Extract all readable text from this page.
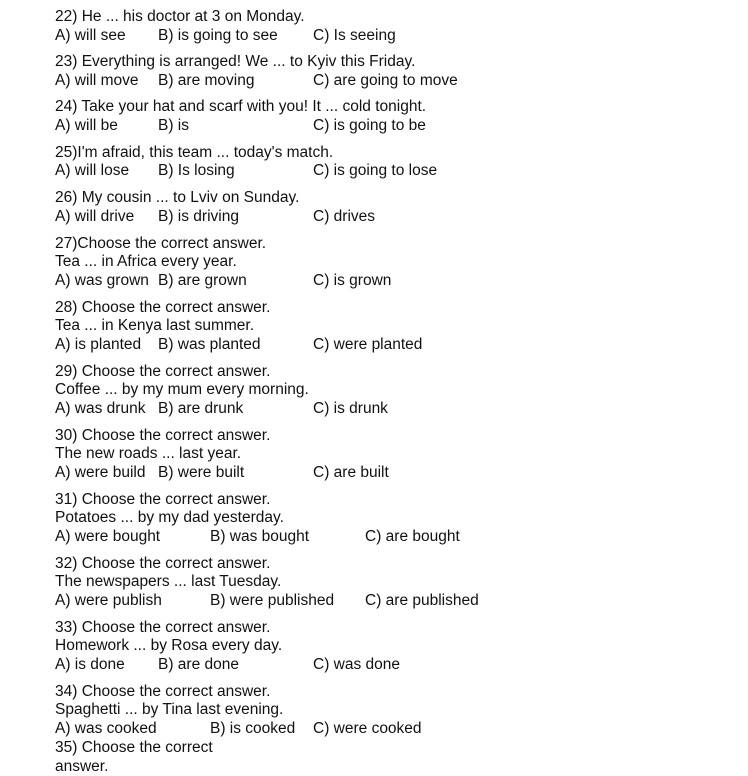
22) He ... his doctor at 3 on Monday.
A) will see B) is going to see C) Is seeing
23) Everything is arranged! We ... to Kyiv this Friday.
A) will move B) are moving	C) are going to move
24) Take your hat and scarf with you! It ... cold tonight.
A) will be	B) is	C) is going to be
25)I'm afraid, this team ... today's match.
A) will lose B) Is losing	C) is going to lose
26) My cousin ... to Lviv on Sunday.
A) will drive B) is driving	C) drives
27)Choose the correct answer.
Tea ... in Africa every year.
A) was grown B) are grown	C) is grown
28) Choose the correct answer.
Tea ... in Kenya last summer.
A) is planted B) was planted	C) were planted
29) Choose the correct answer.
Coffee ... by my mum every morning.
A) was drunk B) are drunk	C) is drunk
30) Choose the correct answer.
The new roads ... last year.
A) were build B) were built	C) are built
31) Choose the correct answer.
Potatoes ... by my dad yesterday.
A) were bought	B) was bought	C) are bought
32) Choose the correct answer.
The newspapers ... last Tuesday.
A) were publish	B) were published C) are published
33) Choose the correct answer.
Homework ... by Rosa every day.
A) is done B) are done	C) was done
34) Choose the correct answer.
Spaghetti ... by Tina last evening.
A) was cooked	B) is cooked C) were cooked
35) Choose the correct answer.
